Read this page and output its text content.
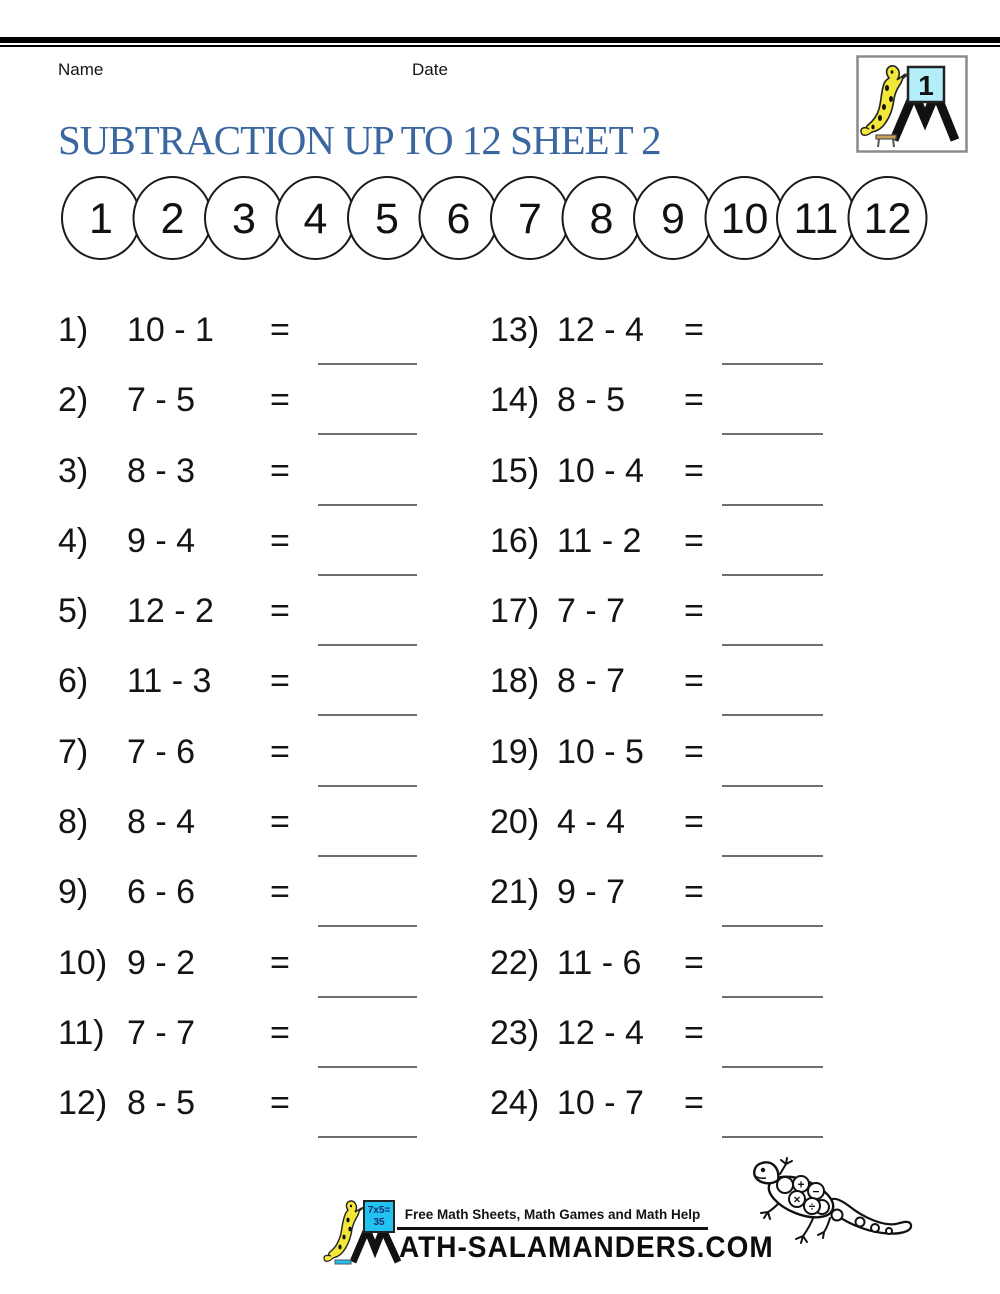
Name	Date
1
SUBTRACTION UP TO 12 SHEET 2
1 2 3 4 5 6 7 8 9 10 11 12
1) 10 - 1 =
2) 7 - 5 =
3) 8 - 3 =
4) 9 - 4 =
5) 12 - 2 =
6) 11 - 3 =
7) 7 - 6 =
8) 8 - 4 =
9) 6 - 6 =
10) 9 - 2 =
11) 7 - 7 =
12) 8 - 5 =
13) 12 - 4 =
14) 8 - 5 =
15) 10 - 4 =
16) 11 - 2 =
17) 7 - 7 =
18) 8 - 7 =
19) 10 - 5 =
20) 4 - 4 =
21) 9 - 7 =
22) 11 - 6 =
23) 12 - 4 =
24) 10 - 7 =
7x5=
35
Free Math Sheets, Math Games and Math Help
ATH-SALAMANDERS.COM
+ −
× ÷
